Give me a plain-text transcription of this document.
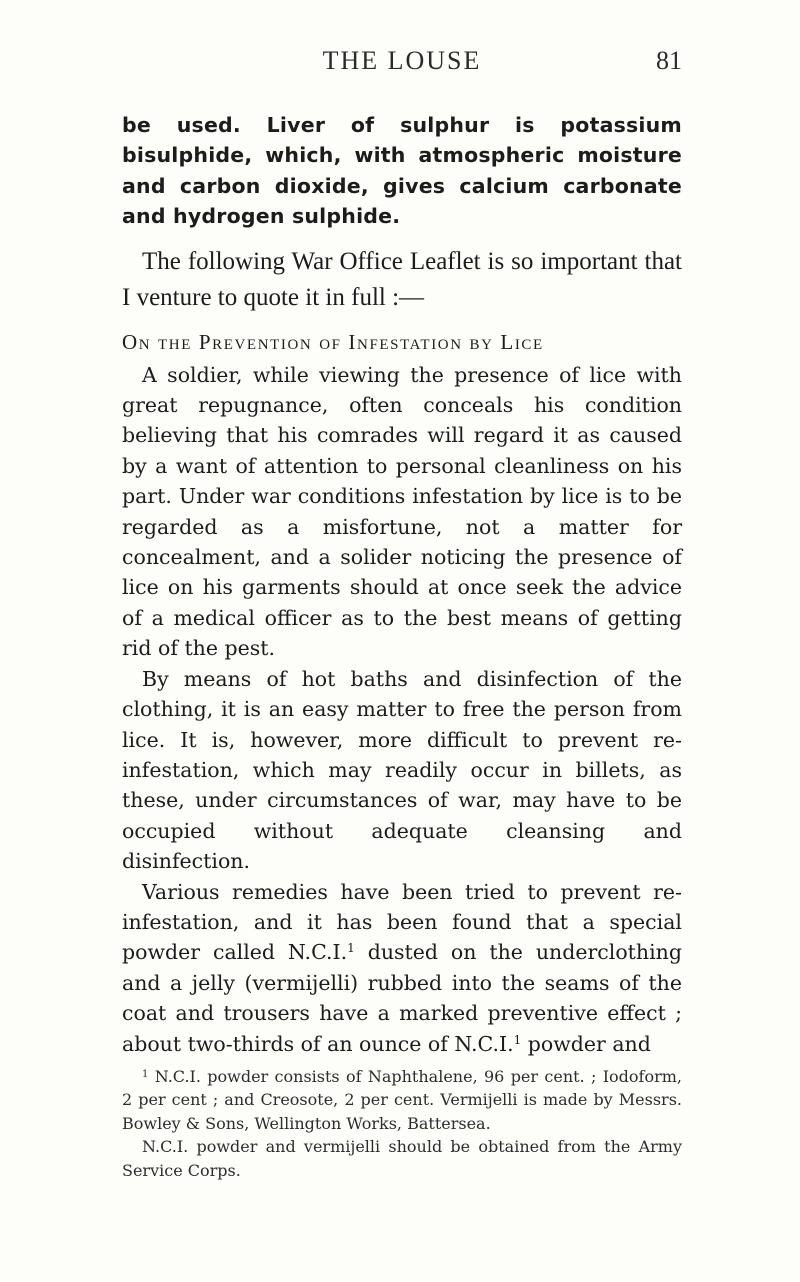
THE LOUSE	81

be used. Liver of sulphur is potassium bisulphide, which, with atmospheric moisture and carbon dioxide, gives calcium carbonate and hydrogen sulphide.

The following War Office Leaflet is so important that I venture to quote it in full :—

On the Prevention of Infestation by Lice

A soldier, while viewing the presence of lice with great repugnance, often conceals his condition believing that his comrades will regard it as caused by a want of attention to personal cleanliness on his part. Under war conditions infestation by lice is to be regarded as a misfortune, not a matter for concealment, and a solider noticing the presence of lice on his garments should at once seek the advice of a medical officer as to the best means of getting rid of the pest.

By means of hot baths and disinfection of the clothing, it is an easy matter to free the person from lice. It is, however, more difficult to prevent re-infestation, which may readily occur in billets, as these, under circumstances of war, may have to be occupied without adequate cleansing and disinfection.

Various remedies have been tried to prevent re-infestation, and it has been found that a special powder called N.C.I.$^1$ dusted on the underclothing and a jelly (vermijelli) rubbed into the seams of the coat and trousers have a marked preventive effect ; about two-thirds of an ounce of N.C.I.$^1$ powder and

$^1$ N.C.I. powder consists of Naphthalene, 96 per cent. ; Iodoform, 2 per cent ; and Creosote, 2 per cent. Vermijelli is made by Messrs. Bowley & Sons, Wellington Works, Battersea.

N.C.I. powder and vermijelli should be obtained from the Army Service Corps.
